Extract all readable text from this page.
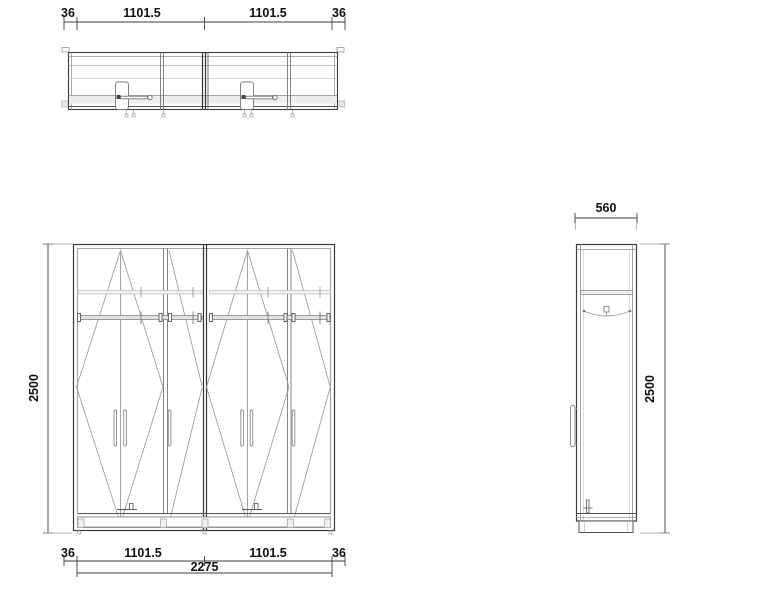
36	1101.5	1101.5	36
2500
36	1101.5	1101.5	36
2275
560
2500
